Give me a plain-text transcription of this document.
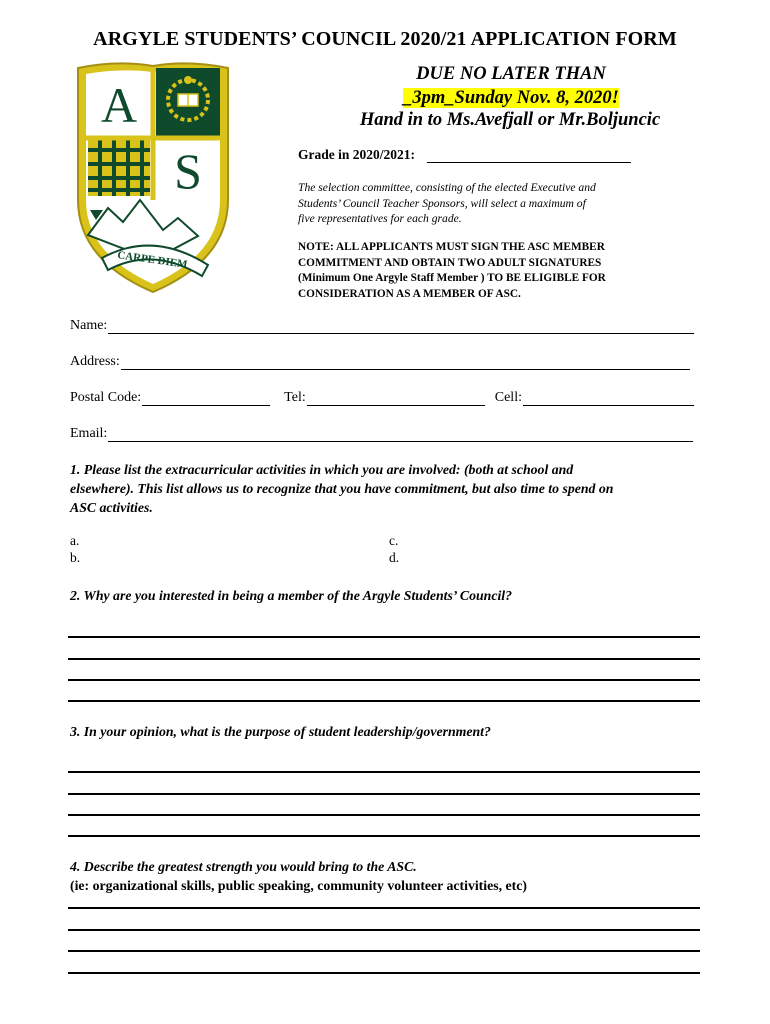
ARGYLE STUDENTS’ COUNCIL 2020/21 APPLICATION FORM
A
S
CARPE DIEM
DUE NO LATER THAN
_3pm_Sunday Nov. 8, 2020!
Hand in to Ms.Avefjall or Mr.Boljuncic
Grade in 2020/2021:
The selection committee, consisting of the elected Executive and
Students’ Council Teacher Sponsors, will select a maximum of
five representatives for each grade.
NOTE: ALL APPLICANTS MUST SIGN THE ASC MEMBER
COMMITMENT AND OBTAIN TWO ADULT SIGNATURES
(Minimum One Argyle Staff Member ) TO BE ELIGIBLE FOR
CONSIDERATION AS A MEMBER OF ASC.
Name:
Address:
Postal Code:	Tel:	Cell:
Email:
1. Please list the extracurricular activities in which you are involved: (both at school and
elsewhere). This list allows us to recognize that you have commitment, but also time to spend on
ASC activities.
a.
b.
c.
d.
2. Why are you interested in being a member of the Argyle Students’ Council?
3. In your opinion, what is the purpose of student leadership/government?
4. Describe the greatest strength you would bring to the ASC.
(ie: organizational skills, public speaking, community volunteer activities, etc)
